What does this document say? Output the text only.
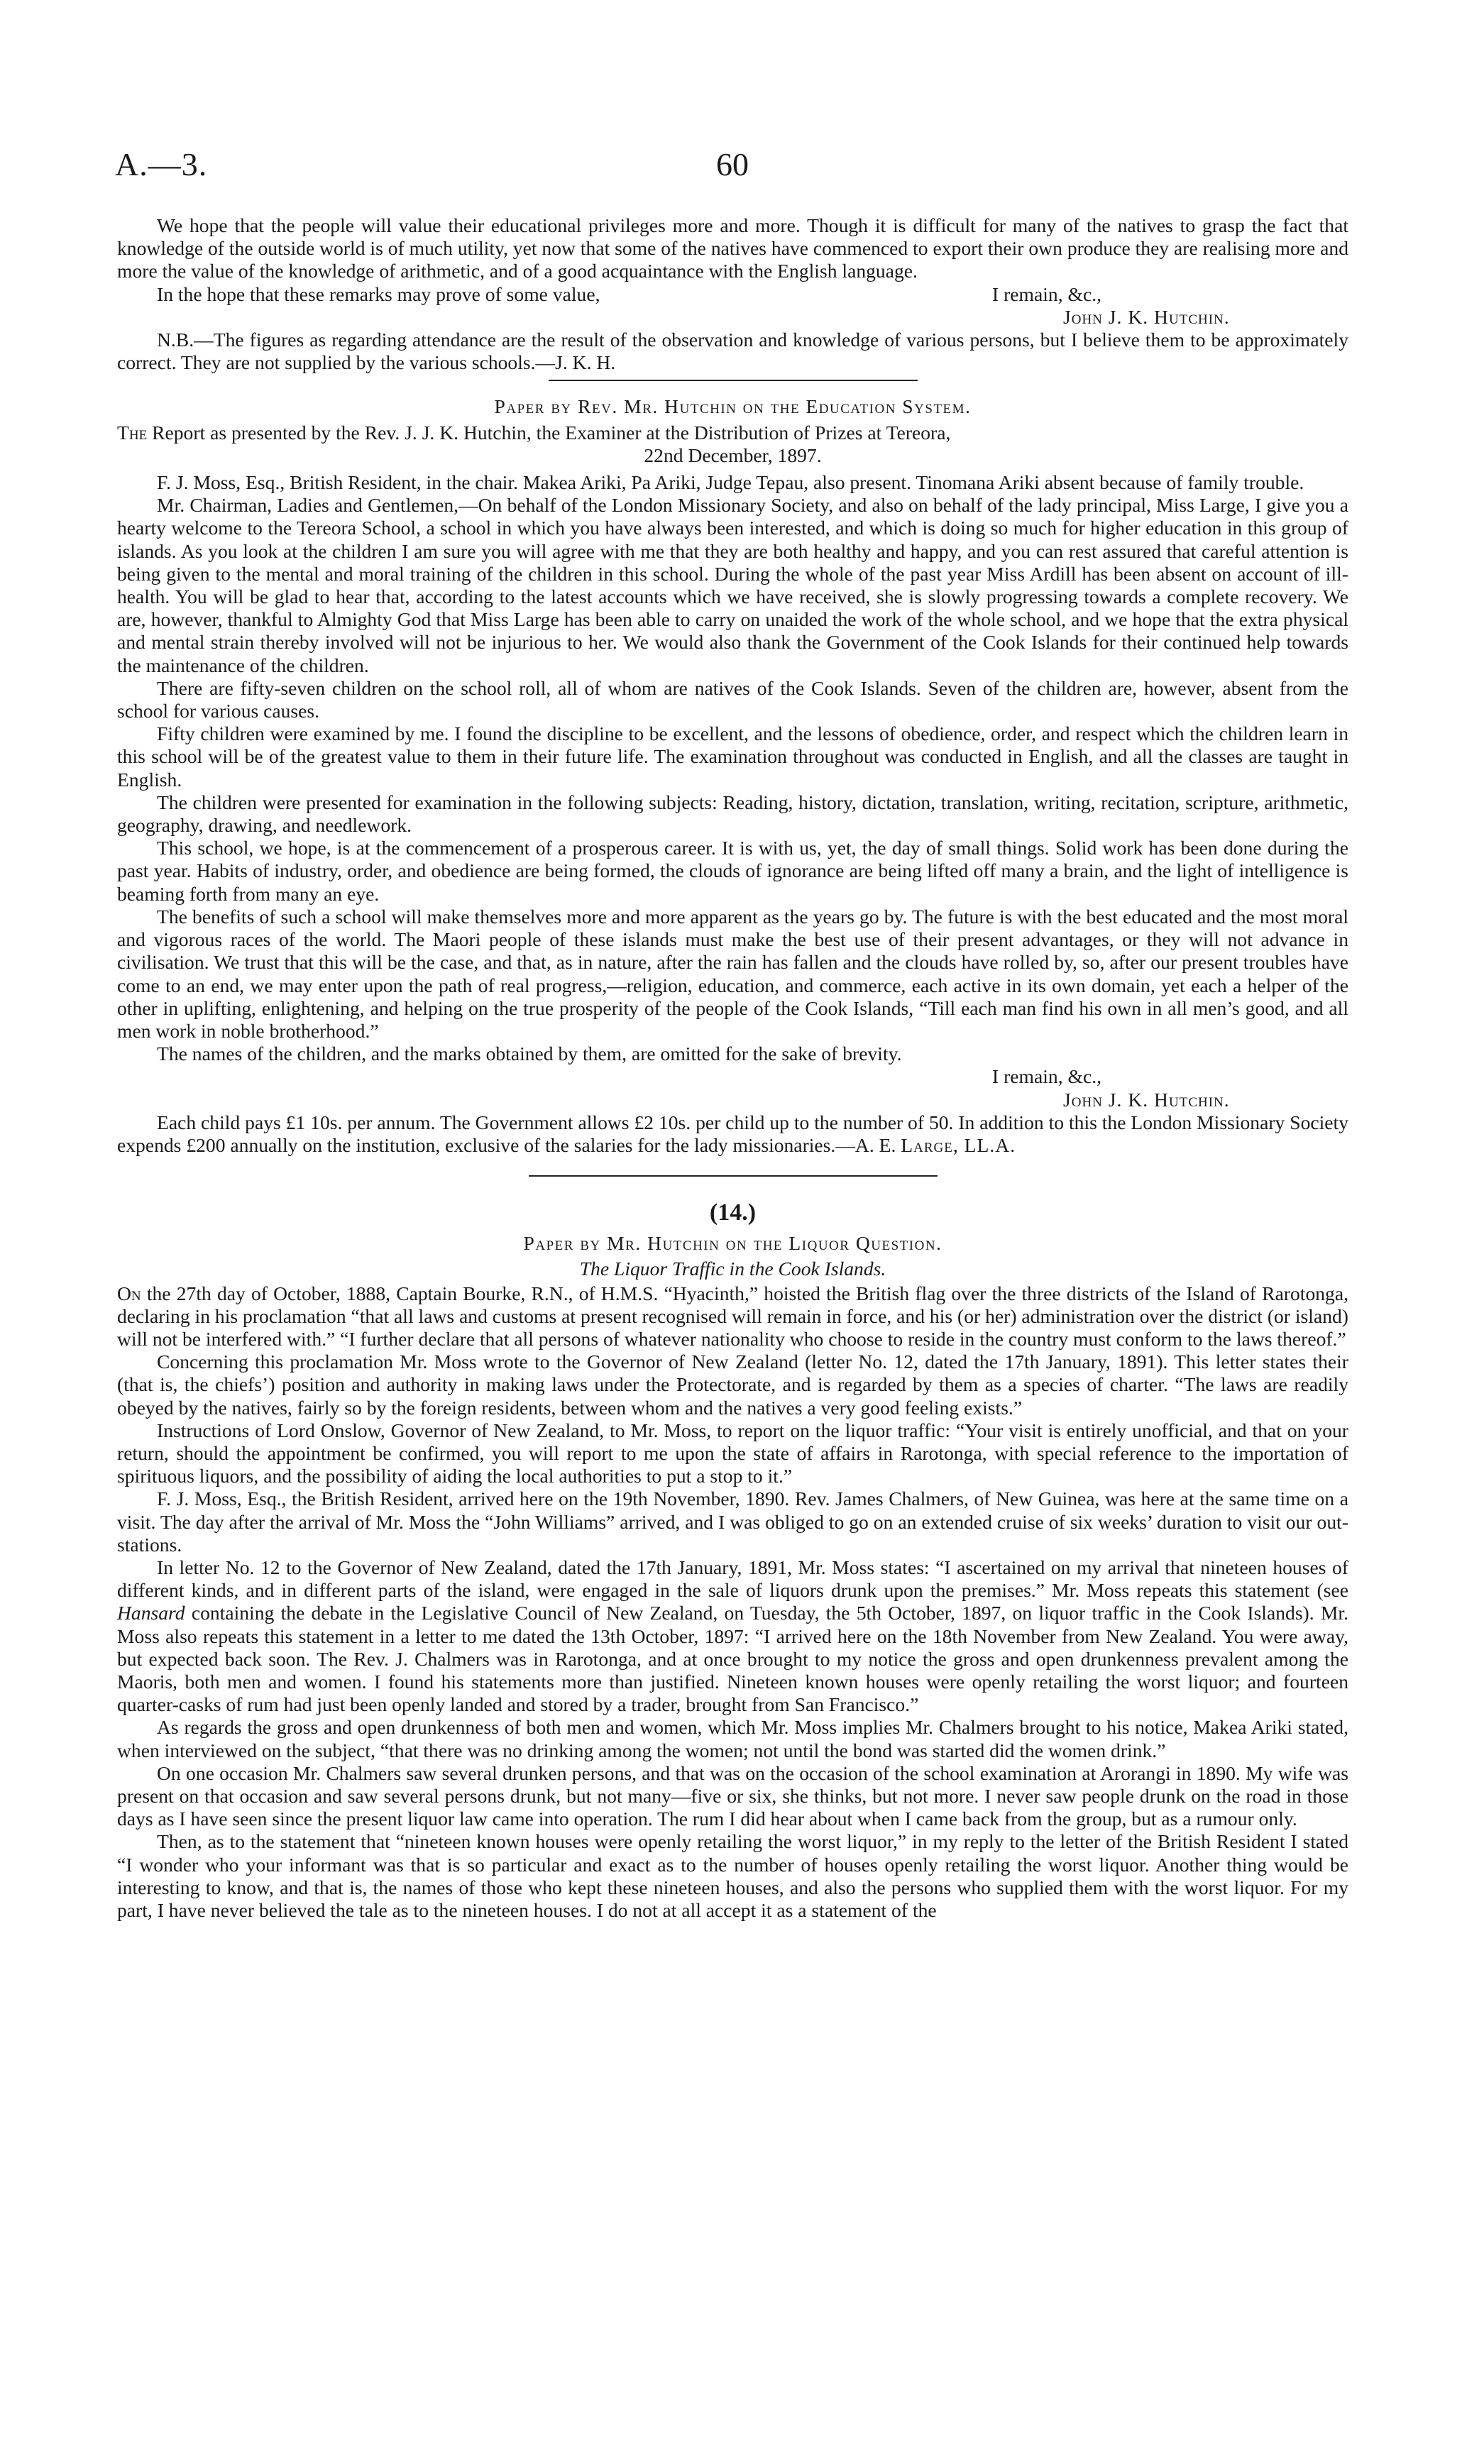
A.—3.	60

We hope that the people will value their educational privileges more and more. Though it is difficult for many of the natives to grasp the fact that knowledge of the outside world is of much utility, yet now that some of the natives have commenced to export their own produce they are realising more and more the value of the knowledge of arithmetic, and of a good acquaintance with the English language.

In the hope that these remarks may prove of some value,	I remain, &c.,

John J. K. Hutchin.

N.B.—The figures as regarding attendance are the result of the observation and knowledge of various persons, but I believe them to be approximately correct. They are not supplied by the various schools.—J. K. H.

Paper by Rev. Mr. Hutchin on the Education System.

The Report as presented by the Rev. J. J. K. Hutchin, the Examiner at the Distribution of Prizes at Tereora,

22nd December, 1897.

F. J. Moss, Esq., British Resident, in the chair. Makea Ariki, Pa Ariki, Judge Tepau, also present. Tinomana Ariki absent because of family trouble.

Mr. Chairman, Ladies and Gentlemen,—On behalf of the London Missionary Society, and also on behalf of the lady principal, Miss Large, I give you a hearty welcome to the Tereora School, a school in which you have always been interested, and which is doing so much for higher education in this group of islands. As you look at the children I am sure you will agree with me that they are both healthy and happy, and you can rest assured that careful attention is being given to the mental and moral training of the children in this school. During the whole of the past year Miss Ardill has been absent on account of ill-health. You will be glad to hear that, according to the latest accounts which we have received, she is slowly progressing towards a complete recovery. We are, however, thankful to Almighty God that Miss Large has been able to carry on unaided the work of the whole school, and we hope that the extra physical and mental strain thereby involved will not be injurious to her. We would also thank the Government of the Cook Islands for their continued help towards the maintenance of the children.

There are fifty-seven children on the school roll, all of whom are natives of the Cook Islands. Seven of the children are, however, absent from the school for various causes.

Fifty children were examined by me. I found the discipline to be excellent, and the lessons of obedience, order, and respect which the children learn in this school will be of the greatest value to them in their future life. The examination throughout was conducted in English, and all the classes are taught in English.

The children were presented for examination in the following subjects: Reading, history, dictation, translation, writing, recitation, scripture, arithmetic, geography, drawing, and needlework.

This school, we hope, is at the commencement of a prosperous career. It is with us, yet, the day of small things. Solid work has been done during the past year. Habits of industry, order, and obedience are being formed, the clouds of ignorance are being lifted off many a brain, and the light of intelligence is beaming forth from many an eye.

The benefits of such a school will make themselves more and more apparent as the years go by. The future is with the best educated and the most moral and vigorous races of the world. The Maori people of these islands must make the best use of their present advantages, or they will not advance in civilisation. We trust that this will be the case, and that, as in nature, after the rain has fallen and the clouds have rolled by, so, after our present troubles have come to an end, we may enter upon the path of real progress,—religion, education, and commerce, each active in its own domain, yet each a helper of the other in uplifting, enlightening, and helping on the true prosperity of the people of the Cook Islands, “Till each man find his own in all men’s good, and all men work in noble brotherhood.”

The names of the children, and the marks obtained by them, are omitted for the sake of brevity.

I remain, &c.,

John J. K. Hutchin.

Each child pays £1 10s. per annum. The Government allows £2 10s. per child up to the number of 50. In addition to this the London Missionary Society expends £200 annually on the institution, exclusive of the salaries for the lady missionaries.—A. E. Large, LL.A.

(14.)

Paper by Mr. Hutchin on the Liquor Question.

The Liquor Traffic in the Cook Islands.

On the 27th day of October, 1888, Captain Bourke, R.N., of H.M.S. “Hyacinth,” hoisted the British flag over the three districts of the Island of Rarotonga, declaring in his proclamation “that all laws and customs at present recognised will remain in force, and his (or her) administration over the district (or island) will not be interfered with.” “I further declare that all persons of whatever nationality who choose to reside in the country must conform to the laws thereof.”

Concerning this proclamation Mr. Moss wrote to the Governor of New Zealand (letter No. 12, dated the 17th January, 1891). This letter states their (that is, the chiefs’) position and authority in making laws under the Protectorate, and is regarded by them as a species of charter. “The laws are readily obeyed by the natives, fairly so by the foreign residents, between whom and the natives a very good feeling exists.”

Instructions of Lord Onslow, Governor of New Zealand, to Mr. Moss, to report on the liquor traffic: “Your visit is entirely unofficial, and that on your return, should the appointment be confirmed, you will report to me upon the state of affairs in Rarotonga, with special reference to the importation of spirituous liquors, and the possibility of aiding the local authorities to put a stop to it.”

F. J. Moss, Esq., the British Resident, arrived here on the 19th November, 1890. Rev. James Chalmers, of New Guinea, was here at the same time on a visit. The day after the arrival of Mr. Moss the “John Williams” arrived, and I was obliged to go on an extended cruise of six weeks’ duration to visit our out-stations.

In letter No. 12 to the Governor of New Zealand, dated the 17th January, 1891, Mr. Moss states: “I ascertained on my arrival that nineteen houses of different kinds, and in different parts of the island, were engaged in the sale of liquors drunk upon the premises.” Mr. Moss repeats this statement (see Hansard containing the debate in the Legislative Council of New Zealand, on Tuesday, the 5th October, 1897, on liquor traffic in the Cook Islands). Mr. Moss also repeats this statement in a letter to me dated the 13th October, 1897: “I arrived here on the 18th November from New Zealand. You were away, but expected back soon. The Rev. J. Chalmers was in Rarotonga, and at once brought to my notice the gross and open drunkenness prevalent among the Maoris, both men and women. I found his statements more than justified. Nineteen known houses were openly retailing the worst liquor; and fourteen quarter-casks of rum had just been openly landed and stored by a trader, brought from San Francisco.”

As regards the gross and open drunkenness of both men and women, which Mr. Moss implies Mr. Chalmers brought to his notice, Makea Ariki stated, when interviewed on the subject, “that there was no drinking among the women; not until the bond was started did the women drink.”

On one occasion Mr. Chalmers saw several drunken persons, and that was on the occasion of the school examination at Arorangi in 1890. My wife was present on that occasion and saw several persons drunk, but not many—five or six, she thinks, but not more. I never saw people drunk on the road in those days as I have seen since the present liquor law came into operation. The rum I did hear about when I came back from the group, but as a rumour only.

Then, as to the statement that “nineteen known houses were openly retailing the worst liquor,” in my reply to the letter of the British Resident I stated “I wonder who your informant was that is so particular and exact as to the number of houses openly retailing the worst liquor. Another thing would be interesting to know, and that is, the names of those who kept these nineteen houses, and also the persons who supplied them with the worst liquor. For my part, I have never believed the tale as to the nineteen houses. I do not at all accept it as a statement of the
